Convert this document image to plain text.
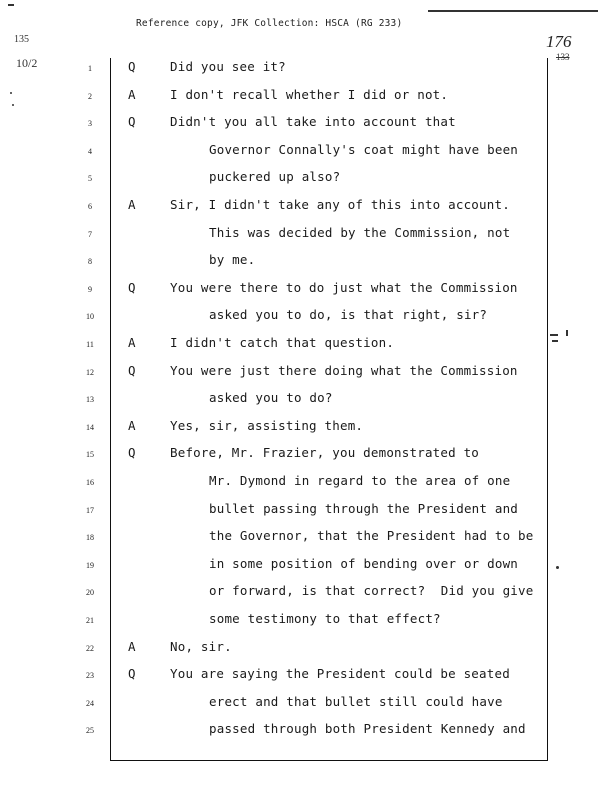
Reference copy, JFK Collection: HSCA (RG 233)
135
10/2
176
133
1	Q	Did you see it?
2	A	I don't recall whether I did or not.
3	Q	Didn't you all take into account that
4	Governor Connally's coat might have been
5	puckered up also?
6	A	Sir, I didn't take any of this into account.
7	This was decided by the Commission, not
8	by me.
9	Q	You were there to do just what the Commission
10	asked you to do, is that right, sir?
11	A	I didn't catch that question.
12	Q	You were just there doing what the Commission
13	asked you to do?
14	A	Yes, sir, assisting them.
15	Q	Before, Mr. Frazier, you demonstrated to
16	Mr. Dymond in regard to the area of one
17	bullet passing through the President and
18	the Governor, that the President had to be
19	in some position of bending over or down
20	or forward, is that correct?  Did you give
21	some testimony to that effect?
22	A	No, sir.
23	Q	You are saying the President could be seated
24	erect and that bullet still could have
25	passed through both President Kennedy and
